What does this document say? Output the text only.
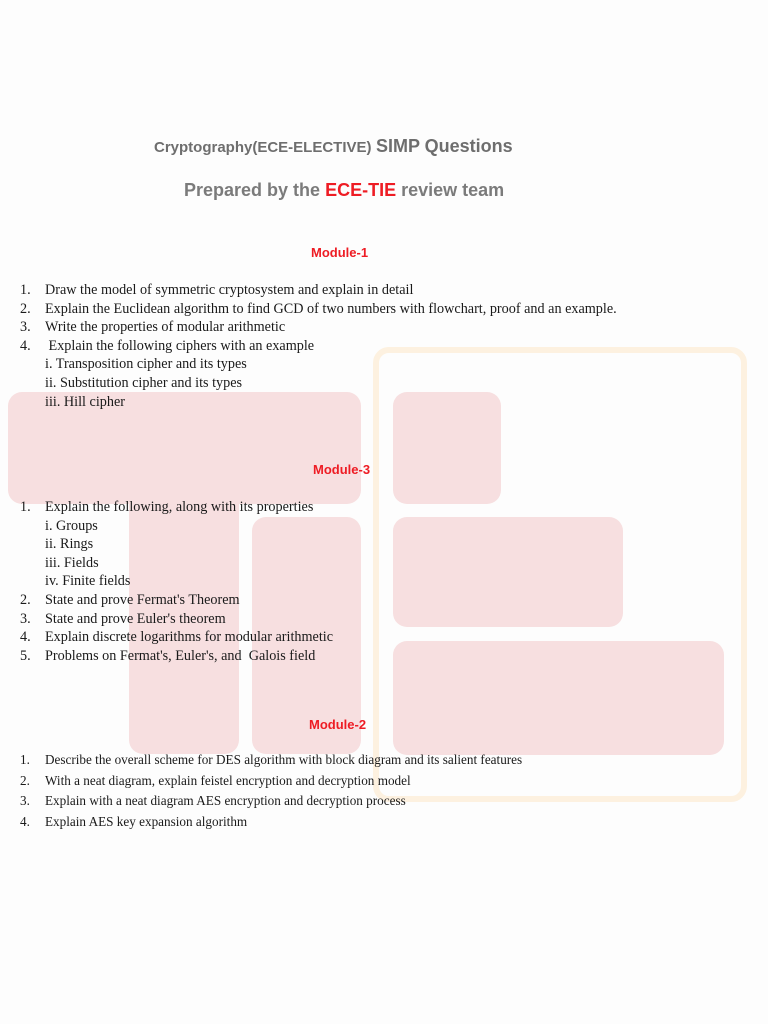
Cryptography(ECE-ELECTIVE) SIMP Questions
Prepared by the ECE-TIE review team
Module-1
1. Draw the model of symmetric cryptosystem and explain in detail
2. Explain the Euclidean algorithm to find GCD of two numbers with flowchart, proof and an example.
3. Write the properties of modular arithmetic
4. Explain the following ciphers with an example
i. Transposition cipher and its types
ii. Substitution cipher and its types
iii. Hill cipher
Module-3
1. Explain the following, along with its properties
i. Groups
ii. Rings
iii. Fields
iv. Finite fields
2. State and prove Fermat's Theorem
3. State and prove Euler's theorem
4. Explain discrete logarithms for modular arithmetic
5. Problems on Fermat's, Euler's, and  Galois field
Module-2
1. Describe the overall scheme for DES algorithm with block diagram and its salient features
2. With a neat diagram, explain feistel encryption and decryption model
3. Explain with a neat diagram AES encryption and decryption process
4. Explain AES key expansion algorithm
